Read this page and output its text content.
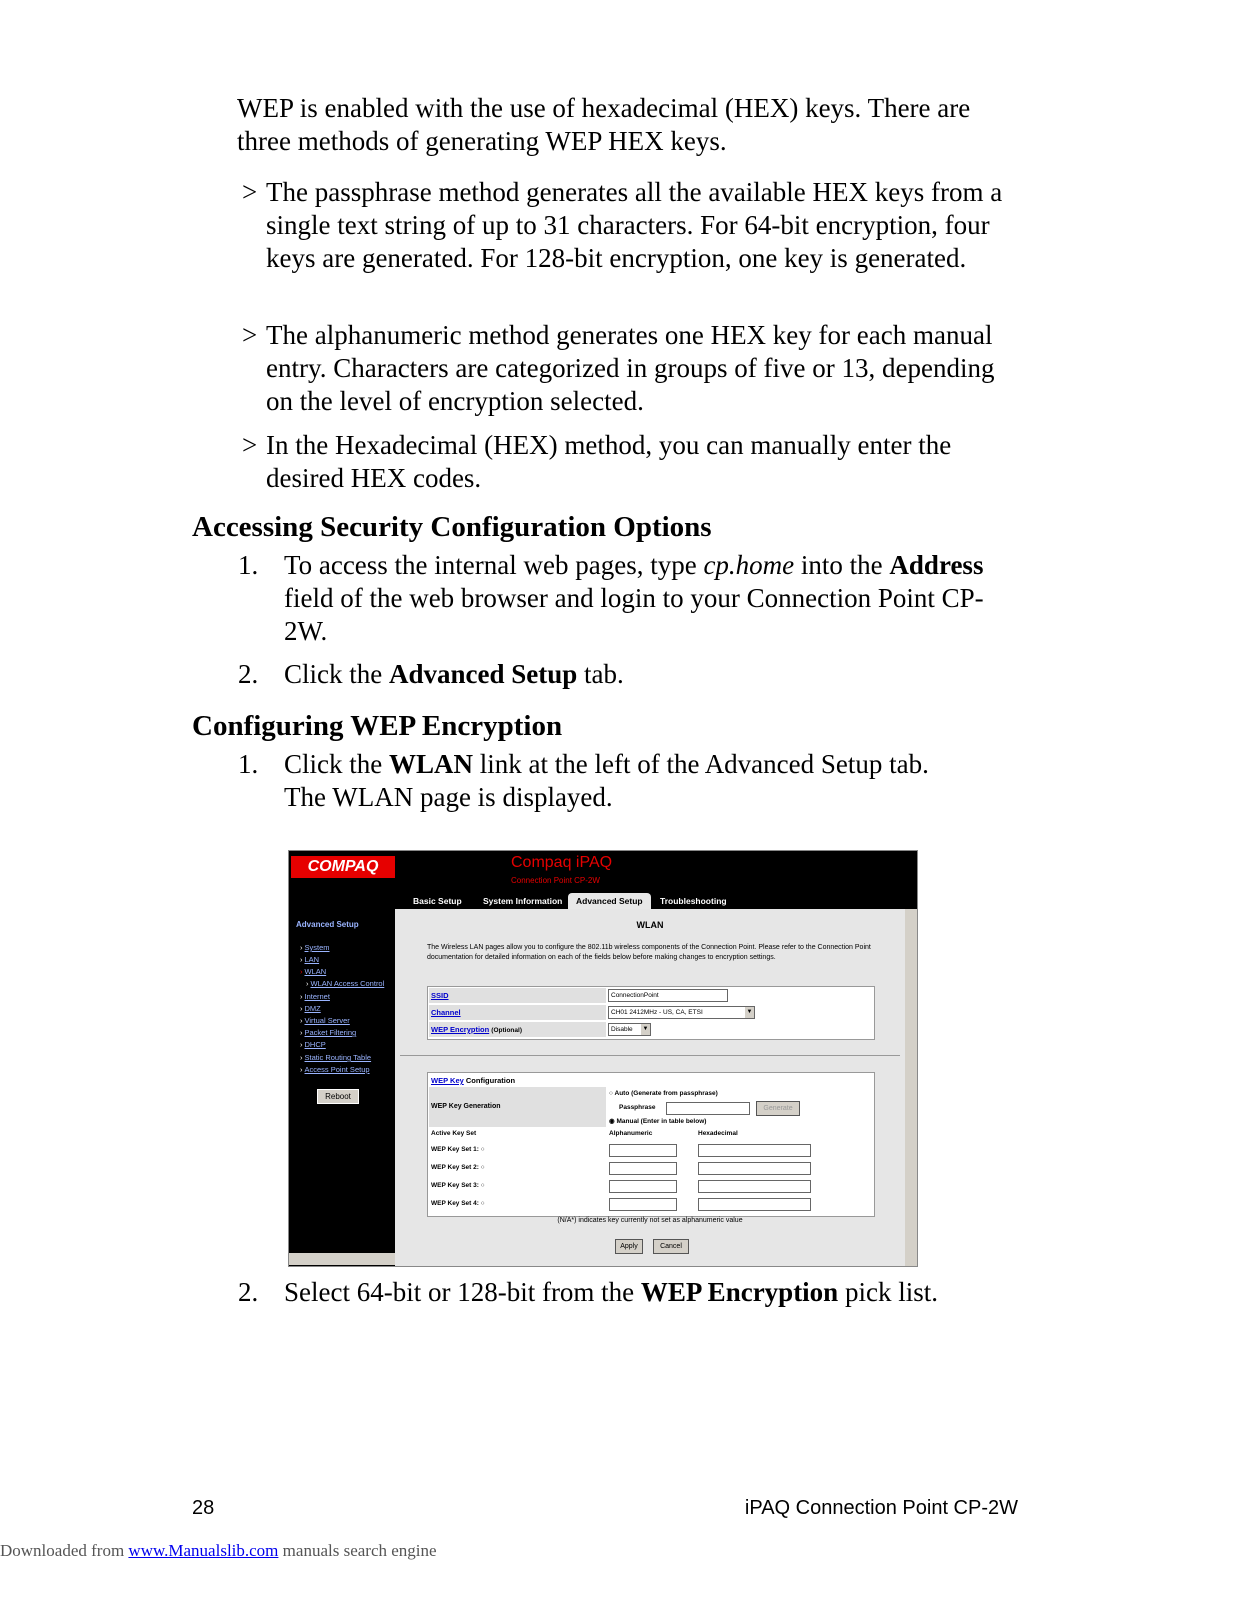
WEP is enabled with the use of hexadecimal (HEX) keys. There are three methods of generating WEP HEX keys.
> The passphrase method generates all the available HEX keys from a single text string of up to 31 characters. For 64-bit encryption, four keys are generated. For 128-bit encryption, one key is generated.
> The alphanumeric method generates one HEX key for each manual entry. Characters are categorized in groups of five or 13, depending on the level of encryption selected.
> In the Hexadecimal (HEX) method, you can manually enter the desired HEX codes.
Accessing Security Configuration Options
1. To access the internal web pages, type cp.home into the Address field of the web browser and login to your Connection Point CP-2W.
2. Click the Advanced Setup tab.
Configuring WEP Encryption
1. Click the WLAN link at the left of the Advanced Setup tab.
The WLAN page is displayed.
COMPAQ	Compaq iPAQ
Connection Point CP-2W
Basic Setup	System Information	Advanced Setup	Troubleshooting
Advanced Setup
› System
› LAN
› WLAN
› WLAN Access Control
› Internet
› DMZ
› Virtual Server
› Packet Filtering
› DHCP
› Static Routing Table
› Access Point Setup
Reboot
WLAN
The Wireless LAN pages allow you to configure the 802.11b wireless components of the Connection Point. Please refer to the Connection Point documentation for detailed information on each of the fields below before making changes to encryption settings.
SSID	ConnectionPoint
Channel	CH01 2412MHz - US, CA, ETSI	▼
WEP Encryption (Optional)	Disable ▼
WEP Key Configuration
WEP Key Generation
○ Auto (Generate from passphrase)
Passphrase	Generate
◉ Manual (Enter in table below)
Active Key Set	Alphanumeric	Hexadecimal
WEP Key Set 1: ○
WEP Key Set 2: ○
WEP Key Set 3: ○
WEP Key Set 4: ○
(N/A*) indicates key currently not set as alphanumeric value
Apply	Cancel
2. Select 64-bit or 128-bit from the WEP Encryption pick list.
28	iPAQ Connection Point CP-2W
Downloaded from www.Manualslib.com manuals search engine
